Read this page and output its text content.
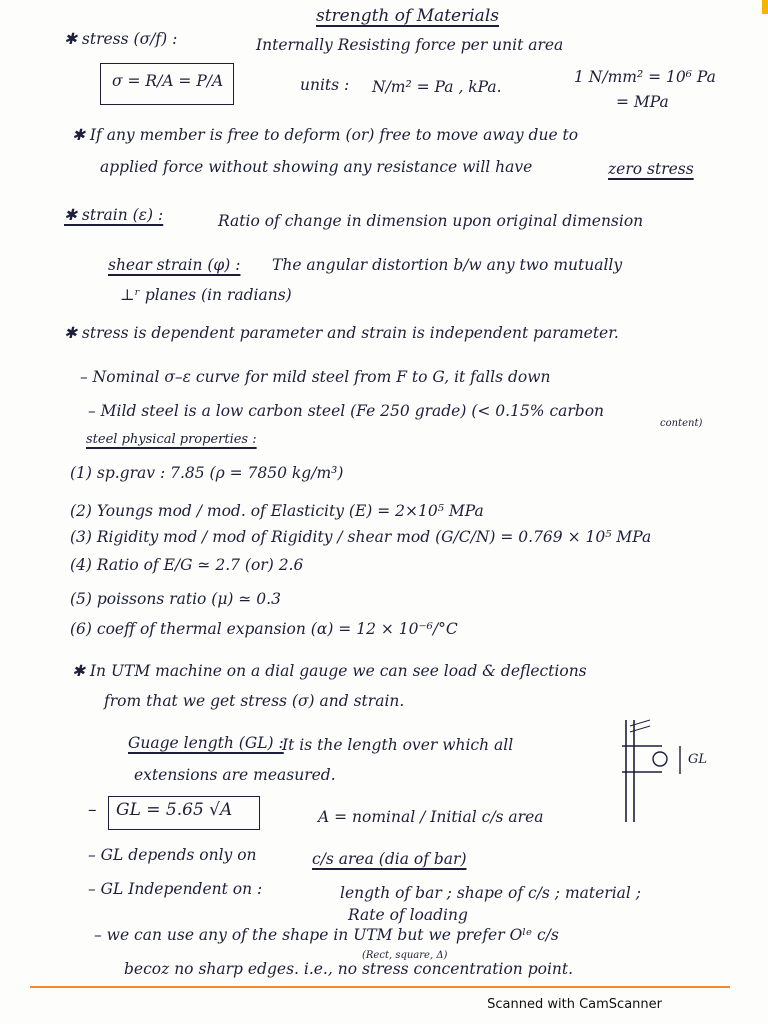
strength of Materials
✱ stress (σ/f) :	Internally Resisting force per unit area
σ = R/A = P/A	units : N/m² = Pa , kPa.
1 N/mm² = 10⁶ Pa
= MPa
✱ If any member is free to deform (or) free to move away due to
applied force without showing any resistance will have	zero stress
✱ strain (ε) :	Ratio of change in dimension upon original dimension
shear strain (φ) : The angular distortion b/w any two mutually
⊥ʳ planes (in radians)
✱ stress is dependent parameter and strain is independent parameter.
– Nominal σ–ε curve for mild steel from F to G, it falls down
– Mild steel is a low carbon steel (Fe 250 grade) (< 0.15% carbon
content)
steel physical properties :
(1) sp.grav : 7.85 (ρ = 7850 kg/m³)
(2) Youngs mod / mod. of Elasticity (E) = 2×10⁵ MPa
(3) Rigidity mod / mod of Rigidity / shear mod (G/C/N) = 0.769 × 10⁵ MPa
(4) Ratio of E/G ≃ 2.7 (or) 2.6
(5) poissons ratio (μ) ≃ 0.3
(6) coeff of thermal expansion (α) = 12 × 10⁻⁶/°C
✱ In UTM machine on a dial gauge we can see load & deflections
from that we get stress (σ) and strain.
Guage length (GL) :
It is the length over which all
extensions are measured.
GL
– GL = 5.65 √A	A = nominal / Initial c/s area
– GL depends only on	c/s area (dia of bar)
– GL Independent on :	length of bar ; shape of c/s ; material ;
Rate of loading
– we can use any of the shape in UTM but we prefer Oˡᵉ c/s
(Rect, square, Δ)
becoz no sharp edges. i.e., no stress concentration point.
Scanned with CamScanner
